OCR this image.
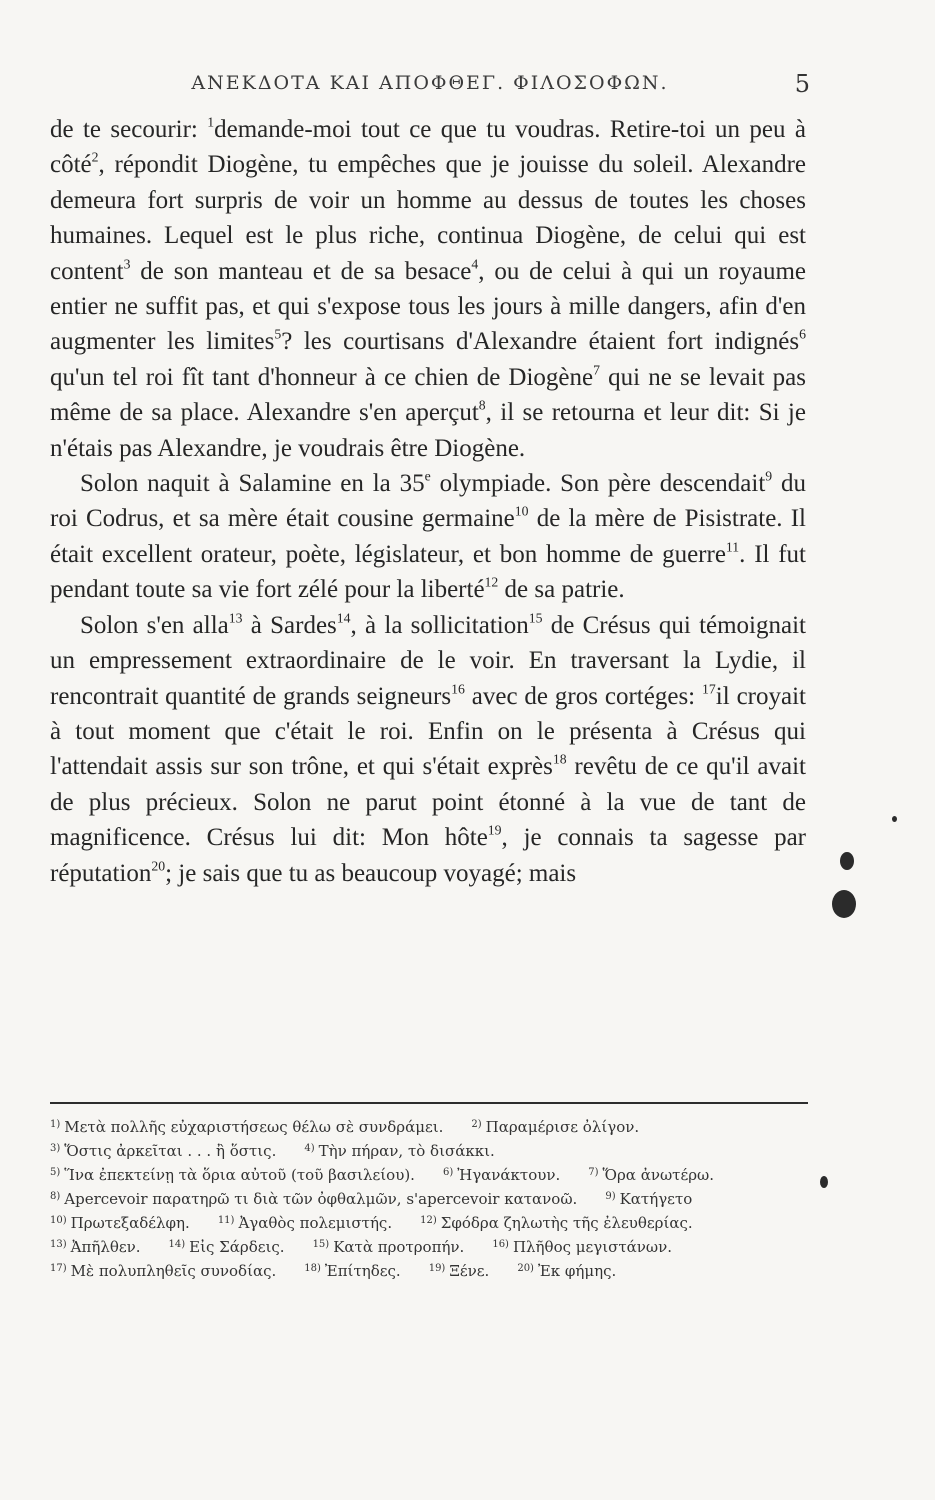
ΑΝΕΚΔΟΤΑ ΚΑΙ ΑΠΟΦΘΕΓ. ΦΙΛΟΣΟΦΩΝ.	5

de te secourir: $^1$demande-moi tout ce que tu voudras. Retire-toi un peu à côté$^2$, répondit Diogène, tu empêches que je jouisse du soleil. Alexandre demeura fort surpris de voir un homme au dessus de toutes les choses humaines. Lequel est le plus riche, continua Diogène, de celui qui est content$^3$ de son manteau et de sa besace$^4$, ou de celui à qui un royaume entier ne suffit pas, et qui s'expose tous les jours à mille dangers, afin d'en augmenter les limites$^5$? les courtisans d'Alexandre étaient fort indignés$^6$ qu'un tel roi fît tant d'honneur à ce chien de Diogène$^7$ qui ne se levait pas même de sa place. Alexandre s'en aperçut$^8$, il se retourna et leur dit: Si je n'étais pas Alexandre, je voudrais être Diogène.

Solon naquit à Salamine en la 35e olympiade. Son père descendait$^9$ du roi Codrus, et sa mère était cousine germaine$^{10}$ de la mère de Pisistrate. Il était excellent orateur, poète, législateur, et bon homme de guerre$^{11}$. Il fut pendant toute sa vie fort zélé pour la liberté$^{12}$ de sa patrie.

Solon s'en alla$^{13}$ à Sardes$^{14}$, à la sollicitation$^{15}$ de Crésus qui témoignait un empressement extraordinaire de le voir. En traversant la Lydie, il rencontrait quantité de grands seigneurs$^{16}$ avec de gros cortéges: $^{17}$il croyait à tout moment que c'était le roi. Enfin on le présenta à Crésus qui l'attendait assis sur son trône, et qui s'était exprès$^{18}$ revêtu de ce qu'il avait de plus précieux. Solon ne parut point étonné à la vue de tant de magnificence. Crésus lui dit: Mon hôte$^{19}$, je connais ta sagesse par réputation$^{20}$; je sais que tu as beaucoup voyagé; mais

$^{1)}$ Μετὰ πολλῆς εὐχαριστήσεως θέλω σὲ συνδράμει.	$^{2)}$ Παραμέρισε ὀλίγον.$^{3)}$ Ὅστις ἀρκεῖται . . . ἢ ὅστις.	$^{4)}$ Τὴν πήραν, τὸ δισάκκι.$^{5)}$ Ἵνα ἐπεκτείνῃ τὰ ὅρια αὐτοῦ (τοῦ βασιλείου).	$^{6)}$ Ἠγανάκτουν.	$^{7)}$ Ὅρα ἀνωτέρω.$^{8)}$ Apercevoir παρατηρῶ τι διὰ τῶν ὀφθαλμῶν, s'apercevoir κατανοῶ.	$^{9)}$ Κατήγετο$^{10)}$ Πρωτεξαδέλφη.	$^{11)}$ Ἀγαθὸς πολεμιστής.	$^{12)}$ Σφόδρα ζηλωτὴς τῆς ἐλευθερίας.$^{13)}$ Ἀπῆλθεν.	$^{14)}$ Εἰς Σάρδεις.	$^{15)}$ Κατὰ προτροπήν.	$^{16)}$ Πλῆθος μεγιστάνων.$^{17)}$ Μὲ πολυπληθεῖς συνοδίας.	$^{18)}$ Ἐπίτηδες.	$^{19)}$ Ξένε.	$^{20)}$ Ἐκ φήμης.
